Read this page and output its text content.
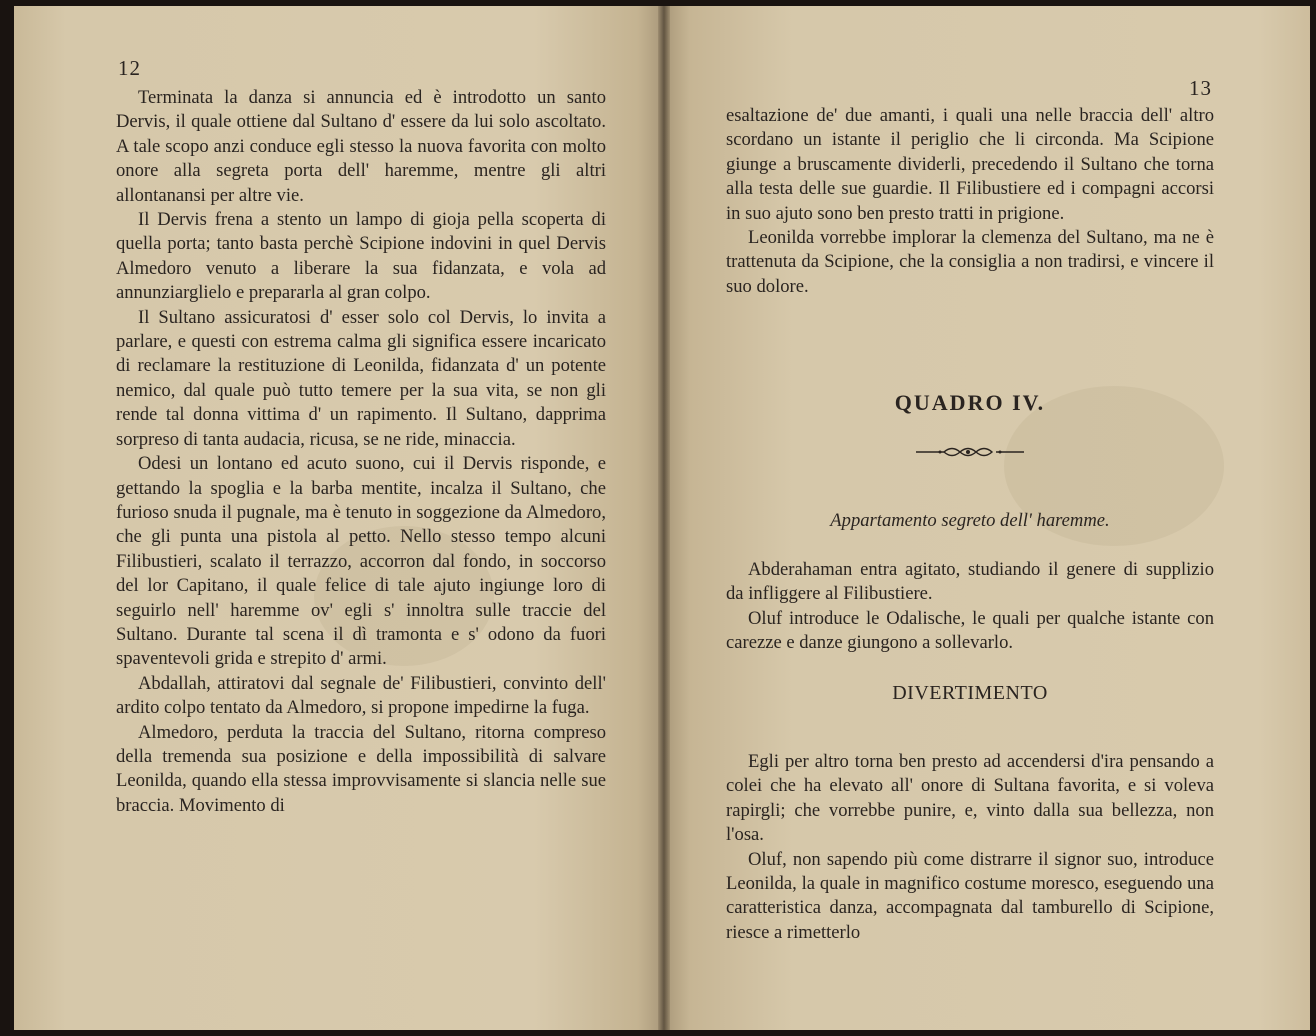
12

Terminata la danza si annuncia ed è introdotto un santo Dervis, il quale ottiene dal Sultano d' essere da lui solo ascoltato. A tale scopo anzi conduce egli stesso la nuova favorita con molto onore alla segreta porta dell' haremme, mentre gli altri allontanansi per altre vie.

Il Dervis frena a stento un lampo di gioja pella scoperta di quella porta; tanto basta perchè Scipione indovini in quel Dervis Almedoro venuto a liberare la sua fidanzata, e vola ad annunziarglielo e prepararla al gran colpo.

Il Sultano assicuratosi d' esser solo col Dervis, lo invita a parlare, e questi con estrema calma gli significa essere incaricato di reclamare la restituzione di Leonilda, fidanzata d' un potente nemico, dal quale può tutto temere per la sua vita, se non gli rende tal donna vittima d' un rapimento. Il Sultano, dapprima sorpreso di tanta audacia, ricusa, se ne ride, minaccia.

Odesi un lontano ed acuto suono, cui il Dervis risponde, e gettando la spoglia e la barba mentite, incalza il Sultano, che furioso snuda il pugnale, ma è tenuto in soggezione da Almedoro, che gli punta una pistola al petto. Nello stesso tempo alcuni Filibustieri, scalato il terrazzo, accorron dal fondo, in soccorso del lor Capitano, il quale felice di tale ajuto ingiunge loro di seguirlo nell' haremme ov' egli s' innoltra sulle traccie del Sultano. Durante tal scena il dì tramonta e s' odono da fuori spaventevoli grida e strepito d' armi.

Abdallah, attiratovi dal segnale de' Filibustieri, convinto dell' ardito colpo tentato da Almedoro, si propone impedirne la fuga.

Almedoro, perduta la traccia del Sultano, ritorna compreso della tremenda sua posizione e della impossibilità di salvare Leonilda, quando ella stessa improvvisamente si slancia nelle sue braccia. Movimento di

13

esaltazione de' due amanti, i quali una nelle braccia dell' altro scordano un istante il periglio che li circonda. Ma Scipione giunge a bruscamente dividerli, precedendo il Sultano che torna alla testa delle sue guardie. Il Filibustiere ed i compagni accorsi in suo ajuto sono ben presto tratti in prigione.

Leonilda vorrebbe implorar la clemenza del Sultano, ma ne è trattenuta da Scipione, che la consiglia a non tradirsi, e vincere il suo dolore.

QUADRO IV.
Appartamento segreto dell' haremme.

Abderahaman entra agitato, studiando il genere di supplizio da infliggere al Filibustiere.

Oluf introduce le Odalische, le quali per qualche istante con carezze e danze giungono a sollevarlo.

DIVERTIMENTO

Egli per altro torna ben presto ad accendersi d'ira pensando a colei che ha elevato all' onore di Sultana favorita, e si voleva rapirgli; che vorrebbe punire, e, vinto dalla sua bellezza, non l'osa.

Oluf, non sapendo più come distrarre il signor suo, introduce Leonilda, la quale in magnifico costume moresco, eseguendo una caratteristica danza, accompagnata dal tamburello di Scipione, riesce a rimetterlo
